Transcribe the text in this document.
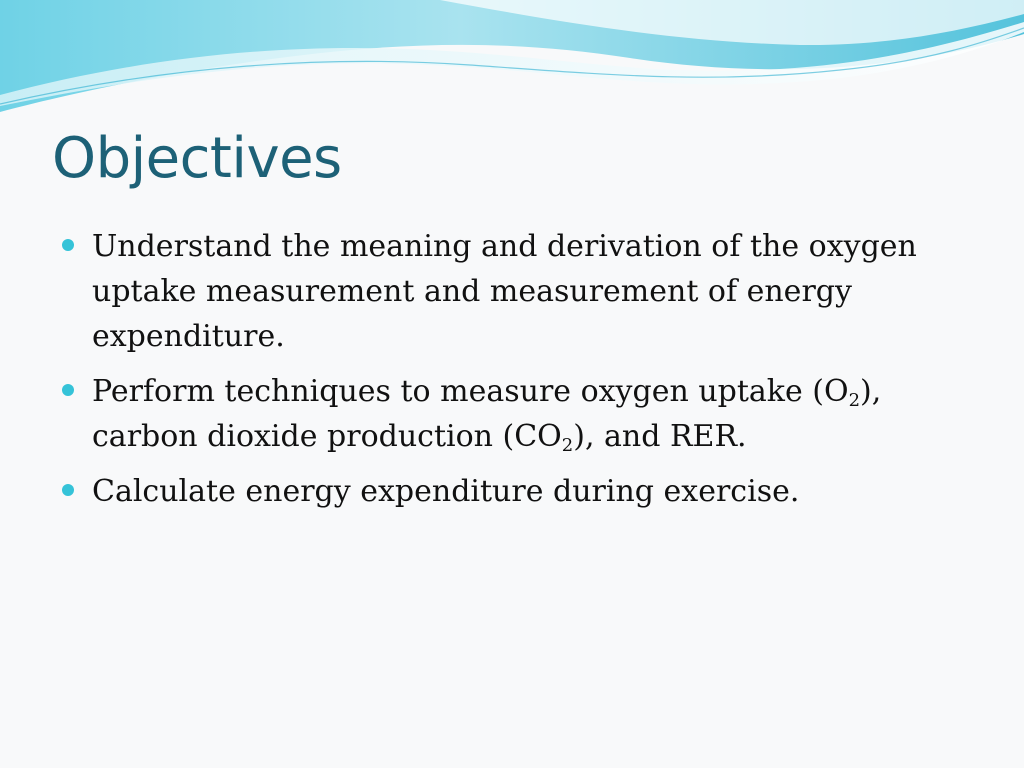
Objectives
Understand the meaning and derivation of the oxygen uptake measurement and measurement of energy expenditure.
Perform techniques to measure oxygen uptake $(O_2)$, carbon dioxide production $(CO_2)$, and RER.
Calculate energy expenditure during exercise.
